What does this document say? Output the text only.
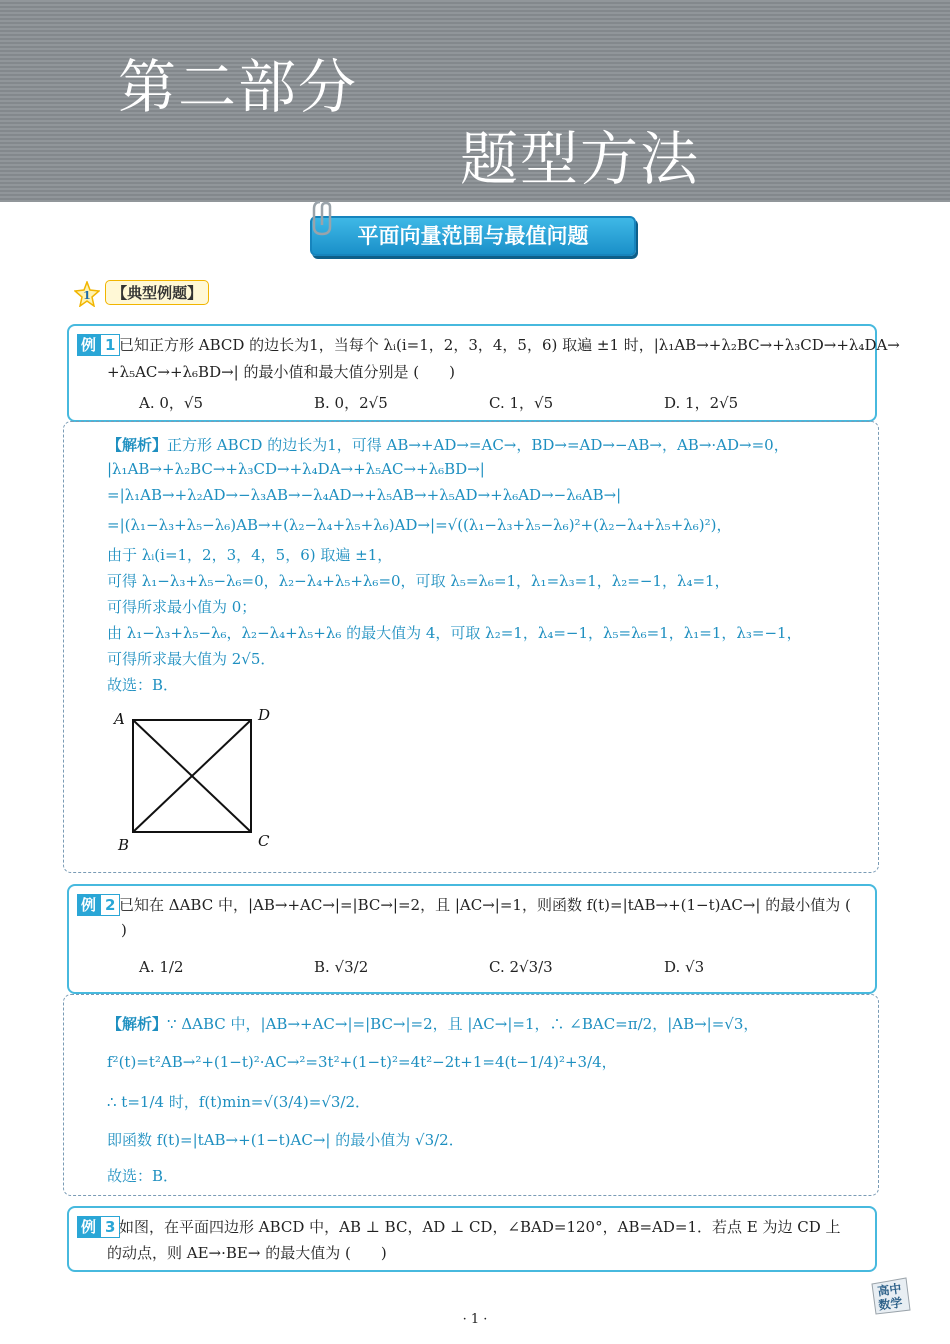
第二部分
题型方法
平面向量范围与最值问题
1 【典型例题】
例 1 已知正方形 ABCD 的边长为1，当每个 λᵢ(i=1，2，3，4，5，6) 取遍 ±1 时，|λ₁AB→+λ₂BC→+λ₃CD→+λ₄DA→
+λ₅AC→+λ₆BD→| 的最小值和最大值分别是 (　　)
A. 0，√5	B. 0，2√5	C. 1，√5	D. 1，2√5
【解析】正方形 ABCD 的边长为1，可得 AB→+AD→=AC→，BD→=AD→−AB→，AB→·AD→=0，
|λ₁AB→+λ₂BC→+λ₃CD→+λ₄DA→+λ₅AC→+λ₆BD→|
=|λ₁AB→+λ₂AD→−λ₃AB→−λ₄AD→+λ₅AB→+λ₅AD→+λ₆AD→−λ₆AB→|
=|(λ₁−λ₃+λ₅−λ₆)AB→+(λ₂−λ₄+λ₅+λ₆)AD→|=√((λ₁−λ₃+λ₅−λ₆)²+(λ₂−λ₄+λ₅+λ₆)²)，
由于 λᵢ(i=1，2，3，4，5，6) 取遍 ±1，
可得 λ₁−λ₃+λ₅−λ₆=0，λ₂−λ₄+λ₅+λ₆=0，可取 λ₅=λ₆=1，λ₁=λ₃=1，λ₂=−1，λ₄=1，
可得所求最小值为 0；
由 λ₁−λ₃+λ₅−λ₆，λ₂−λ₄+λ₅+λ₆ 的最大值为 4，可取 λ₂=1，λ₄=−1，λ₅=λ₆=1，λ₁=1，λ₃=−1，
可得所求最大值为 2√5．
故选：B．
A	D
B	C
例 2 已知在 ΔABC 中，|AB→+AC→|=|BC→|=2，且 |AC→|=1，则函数 f(t)=|tAB→+(1−t)AC→| 的最小值为 (
)
A. 1/2	B. √3/2	C. 2√3/3	D. √3
【解析】∵ ΔABC 中，|AB→+AC→|=|BC→|=2，且 |AC→|=1，∴ ∠BAC=π/2，|AB→|=√3，
f²(t)=t²AB→²+(1−t)²·AC→²=3t²+(1−t)²=4t²−2t+1=4(t−1/4)²+3/4，
∴ t=1/4 时，f(t)min=√(3/4)=√3/2．
即函数 f(t)=|tAB→+(1−t)AC→| 的最小值为 √3/2．
故选：B．
例 3 如图，在平面四边形 ABCD 中，AB ⊥ BC，AD ⊥ CD，∠BAD=120°，AB=AD=1．若点 E 为边 CD 上
的动点，则 AE→·BE→ 的最大值为 (　　)
· 1 ·
高中
数学
